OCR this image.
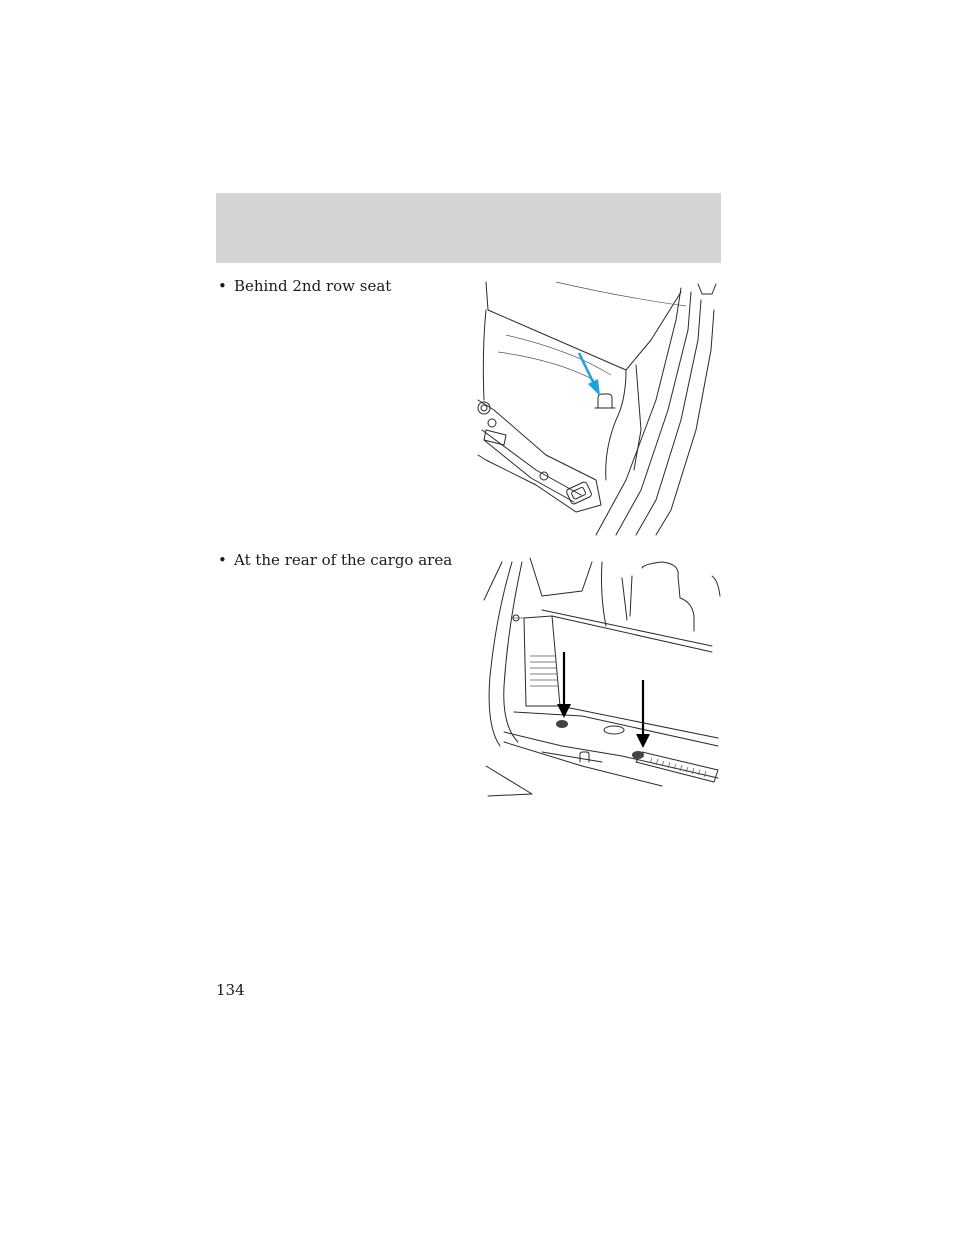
• Behind 2nd row seat
• At the rear of the cargo area
134
